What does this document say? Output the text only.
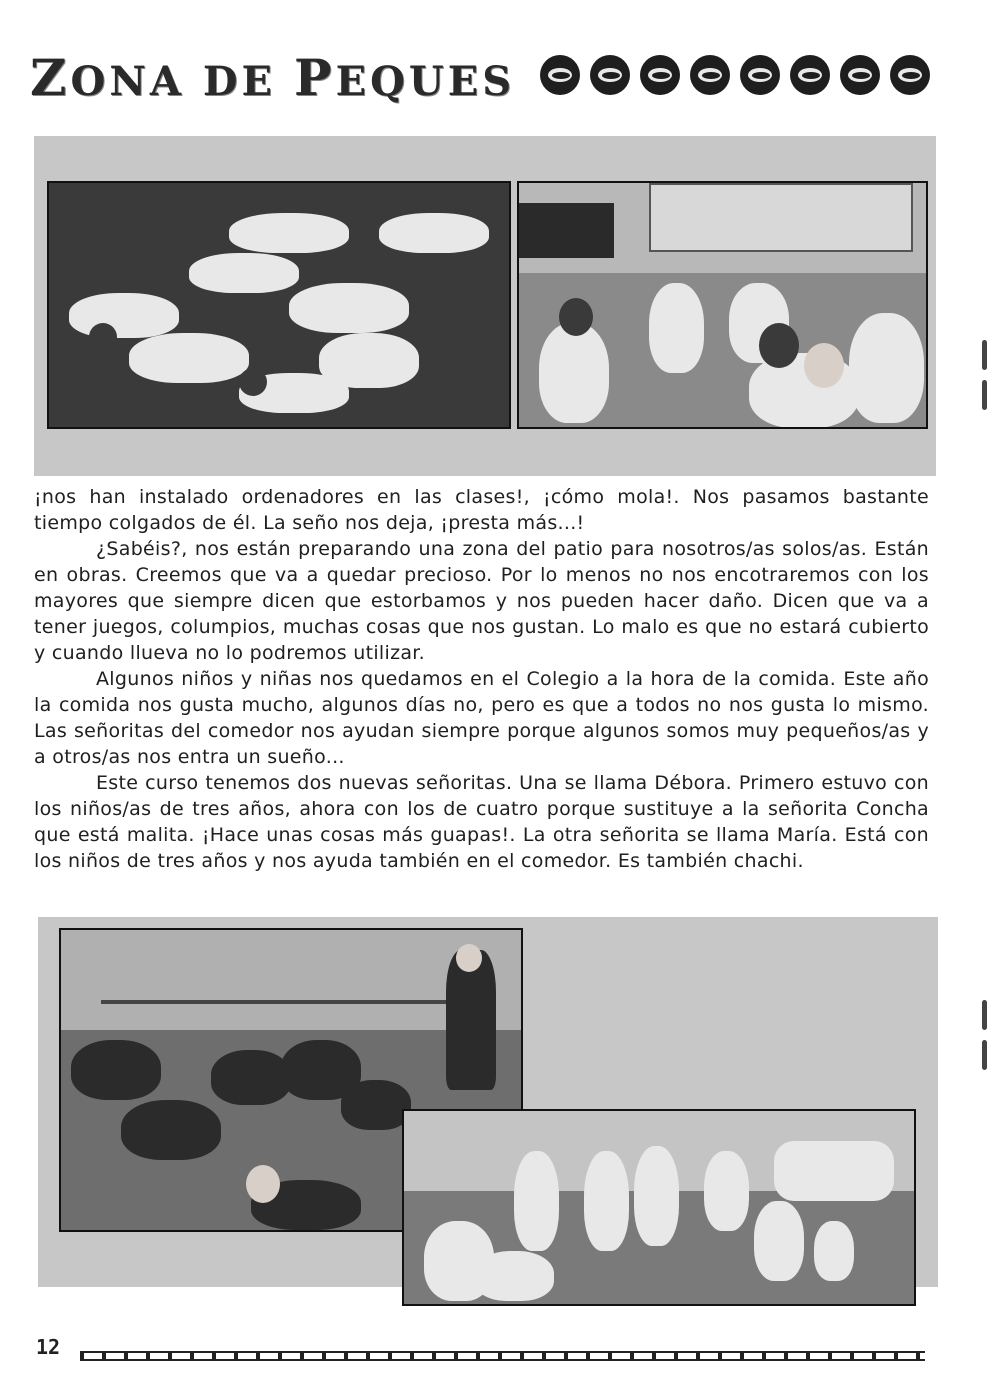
ZONA DE PEQUES

¡nos han instalado ordenadores en las clases!, ¡cómo mola!. Nos pasamos bastante tiempo colgados de él. La seño nos deja, ¡presta más...!

¿Sabéis?, nos están preparando una zona del patio para nosotros/as solos/as. Están en obras. Creemos que va a quedar precioso. Por lo menos no nos encotraremos con los mayores que siempre dicen que estorbamos y nos pueden hacer daño. Dicen que va a tener juegos, columpios, muchas cosas que nos gustan. Lo malo es que no estará cubierto y cuando llueva no lo podremos utilizar.

Algunos niños y niñas nos quedamos en el Colegio a la hora de la comida. Este año la comida nos gusta mucho, algunos días no, pero es que a todos no nos gusta lo mismo. Las señoritas del comedor nos ayudan siempre porque algunos somos muy pequeños/as y a otros/as nos entra un sueño...

Este curso tenemos dos nuevas señoritas. Una se llama Débora. Primero estuvo con los niños/as de tres años, ahora con los de cuatro porque sustituye a la señorita Concha que está malita. ¡Hace unas cosas más guapas!. La otra señorita se llama María. Está con los niños de tres años y nos ayuda también en el comedor. Es también chachi.

12
